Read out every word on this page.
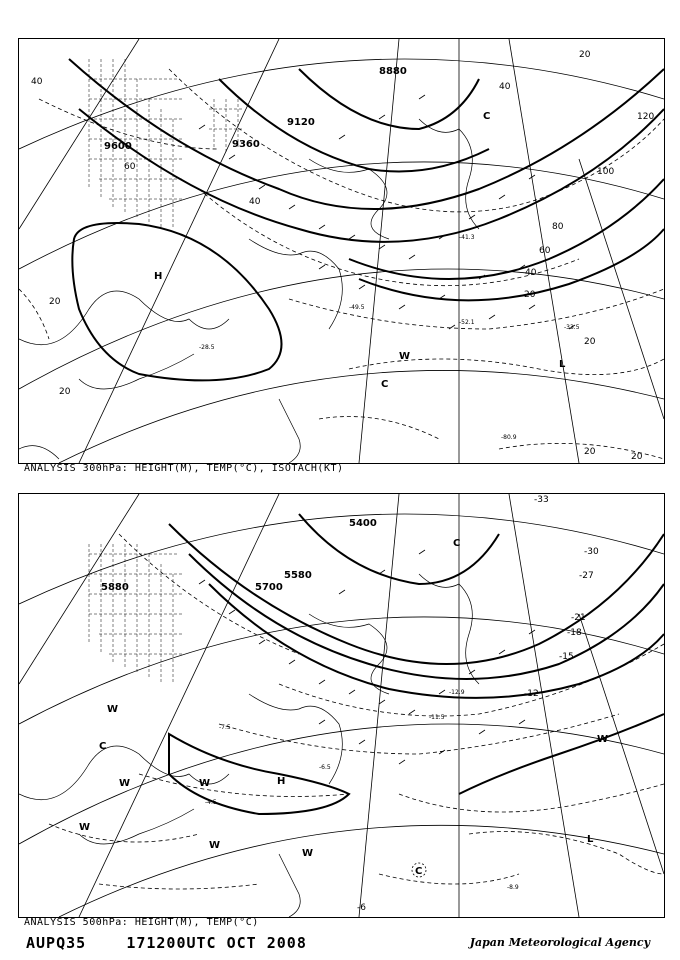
8880
9120
9360
9600
40
20
20
60
40
20
100
120
80
60
40
20
20
20	20
40
H
W
C
L
C
-80.9
-52.1
-49.5
-33.5
-41.3
-28.5
ANALYSIS 300hPa: HEIGHT(M), TEMP(°C), ISOTACH(KT)
5400
5580
5700
5880
-33
-30
-27
-21
-18
-15
-12
-6
W
C
W	W
W
W
H
W
C
W
L
C
-8.9
-6.5
-4.5
-11.5
-12.9
-7.5
ANALYSIS 500hPa: HEIGHT(M), TEMP(°C)
AUPQ35	171200UTC OCT 2008	Japan Meteorological Agency
